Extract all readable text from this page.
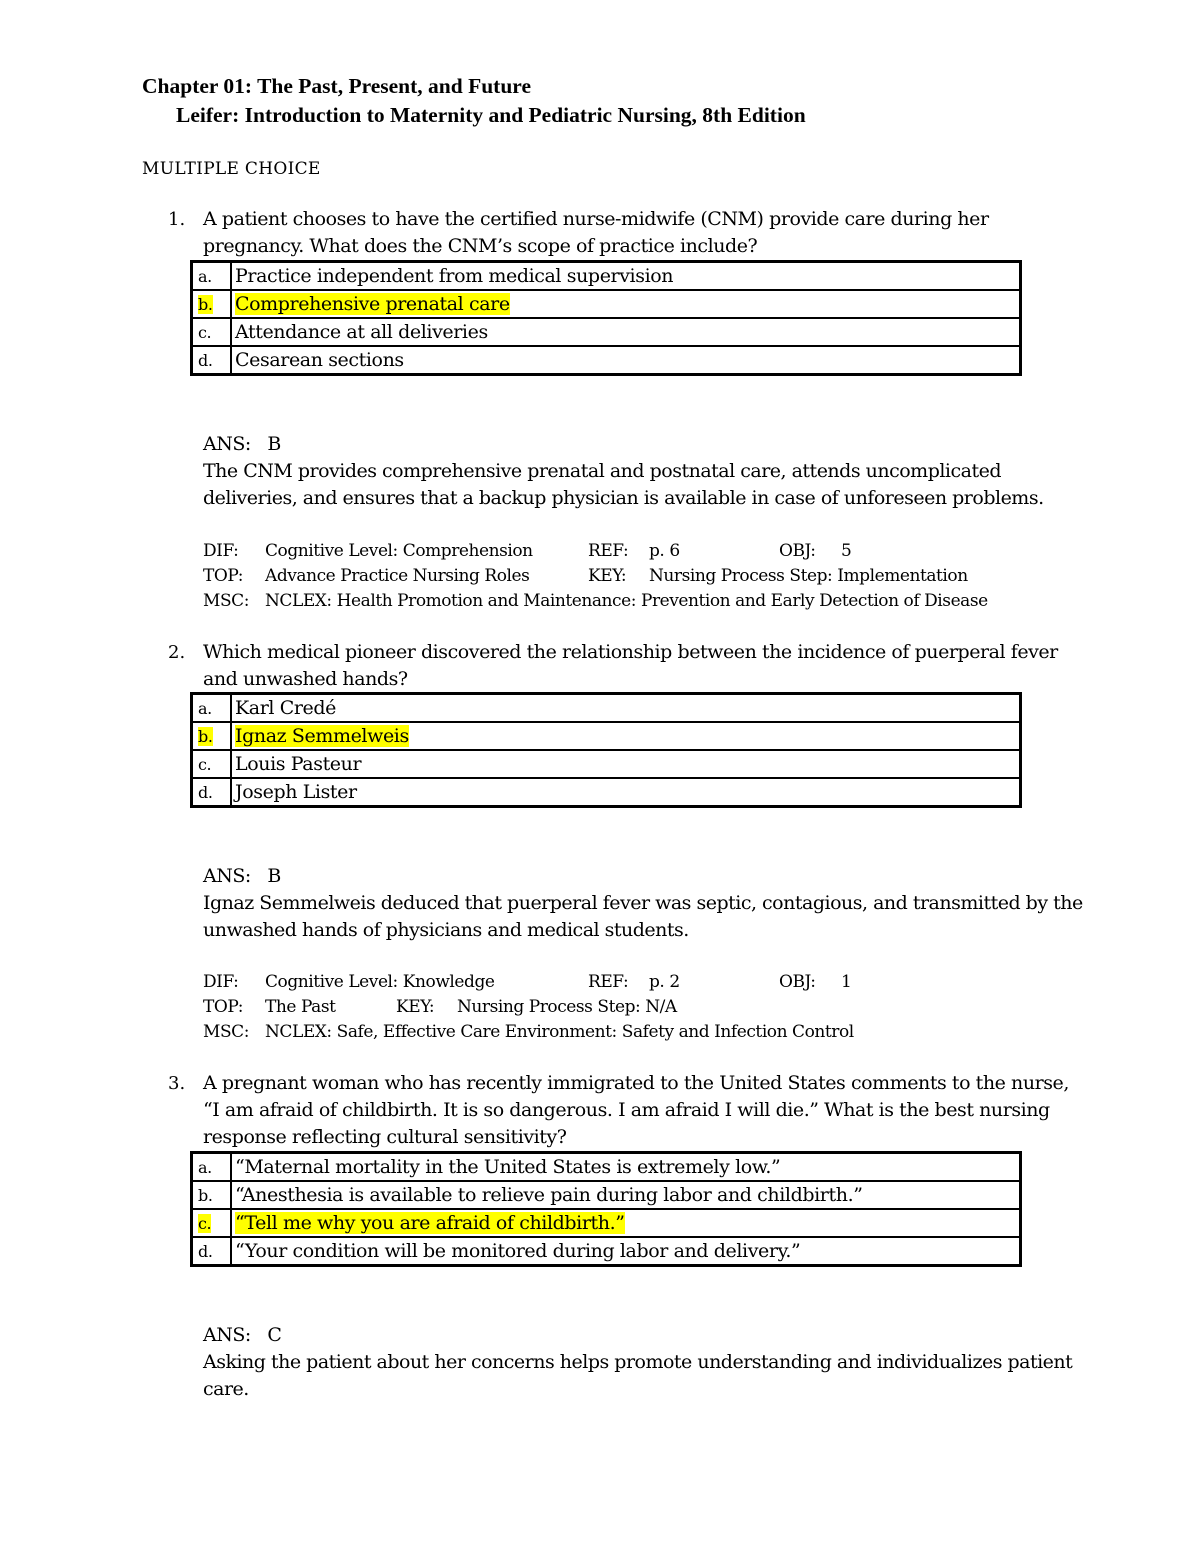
Chapter 01: The Past, Present, and Future
Leifer: Introduction to Maternity and Pediatric Nursing, 8th Edition
MULTIPLE CHOICE
1. A patient chooses to have the certified nurse-midwife (CNM) provide care during her
pregnancy. What does the CNM’s scope of practice include?
a.	Practice independent from medical supervision
b.	Comprehensive prenatal care
c.	Attendance at all deliveries
d.	Cesarean sections
ANS: B
The CNM provides comprehensive prenatal and postnatal care, attends uncomplicated
deliveries, and ensures that a backup physician is available in case of unforeseen problems.
DIF: Cognitive Level: Comprehension	REF: p. 6	OBJ: 5
TOP: Advance Practice Nursing Roles	KEY: Nursing Process Step: Implementation
MSC: NCLEX: Health Promotion and Maintenance: Prevention and Early Detection of Disease
2. Which medical pioneer discovered the relationship between the incidence of puerperal fever
and unwashed hands?
a.	Karl Credé
b.	Ignaz Semmelweis
c.	Louis Pasteur
d.	Joseph Lister
ANS: B
Ignaz Semmelweis deduced that puerperal fever was septic, contagious, and transmitted by the
unwashed hands of physicians and medical students.
DIF: Cognitive Level: Knowledge	REF: p. 2	OBJ: 1
TOP: The Past	KEY: Nursing Process Step: N/A
MSC: NCLEX: Safe, Effective Care Environment: Safety and Infection Control
3. A pregnant woman who has recently immigrated to the United States comments to the nurse,
“I am afraid of childbirth. It is so dangerous. I am afraid I will die.” What is the best nursing
response reflecting cultural sensitivity?
a.	“Maternal mortality in the United States is extremely low.”
b.	“Anesthesia is available to relieve pain during labor and childbirth.”
c.	“Tell me why you are afraid of childbirth.”
d.	“Your condition will be monitored during labor and delivery.”
ANS: C
Asking the patient about her concerns helps promote understanding and individualizes patient
care.
